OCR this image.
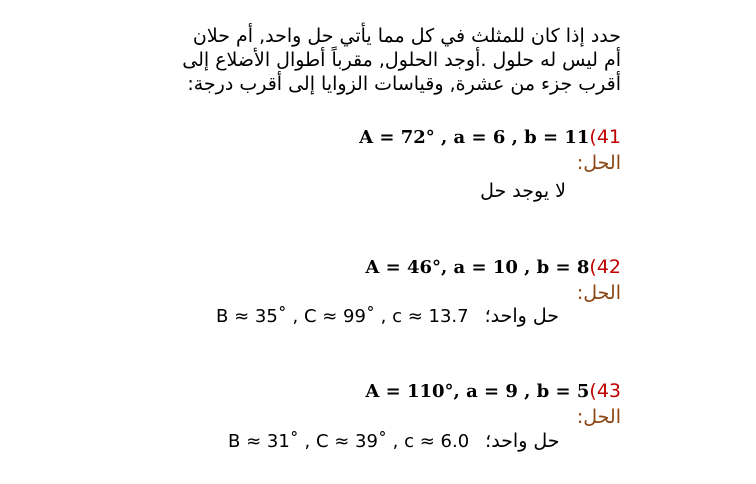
حدد إذا كان للمثلث في كل مما يأتي حل واحد, أم حلان
أم ليس له حلول .أوجد الحلول, مقرباً أطوال الأضلاع إلى
أقرب جزء من عشرة, وقياسات الزوايا إلى أقرب درجة:
A = 72° , a = 6 , b = 11 (41
الحل:
لا يوجد حل
A = 46°, a = 10 , b = 8 (42
الحل:
B ≈ 35˚ , C ≈ 99˚ , c ≈ 13.7 حل واحد؛
A = 110°, a = 9 , b = 5 (43
الحل:
B ≈ 31˚ , C ≈ 39˚ , c ≈ 6.0 حل واحد؛
